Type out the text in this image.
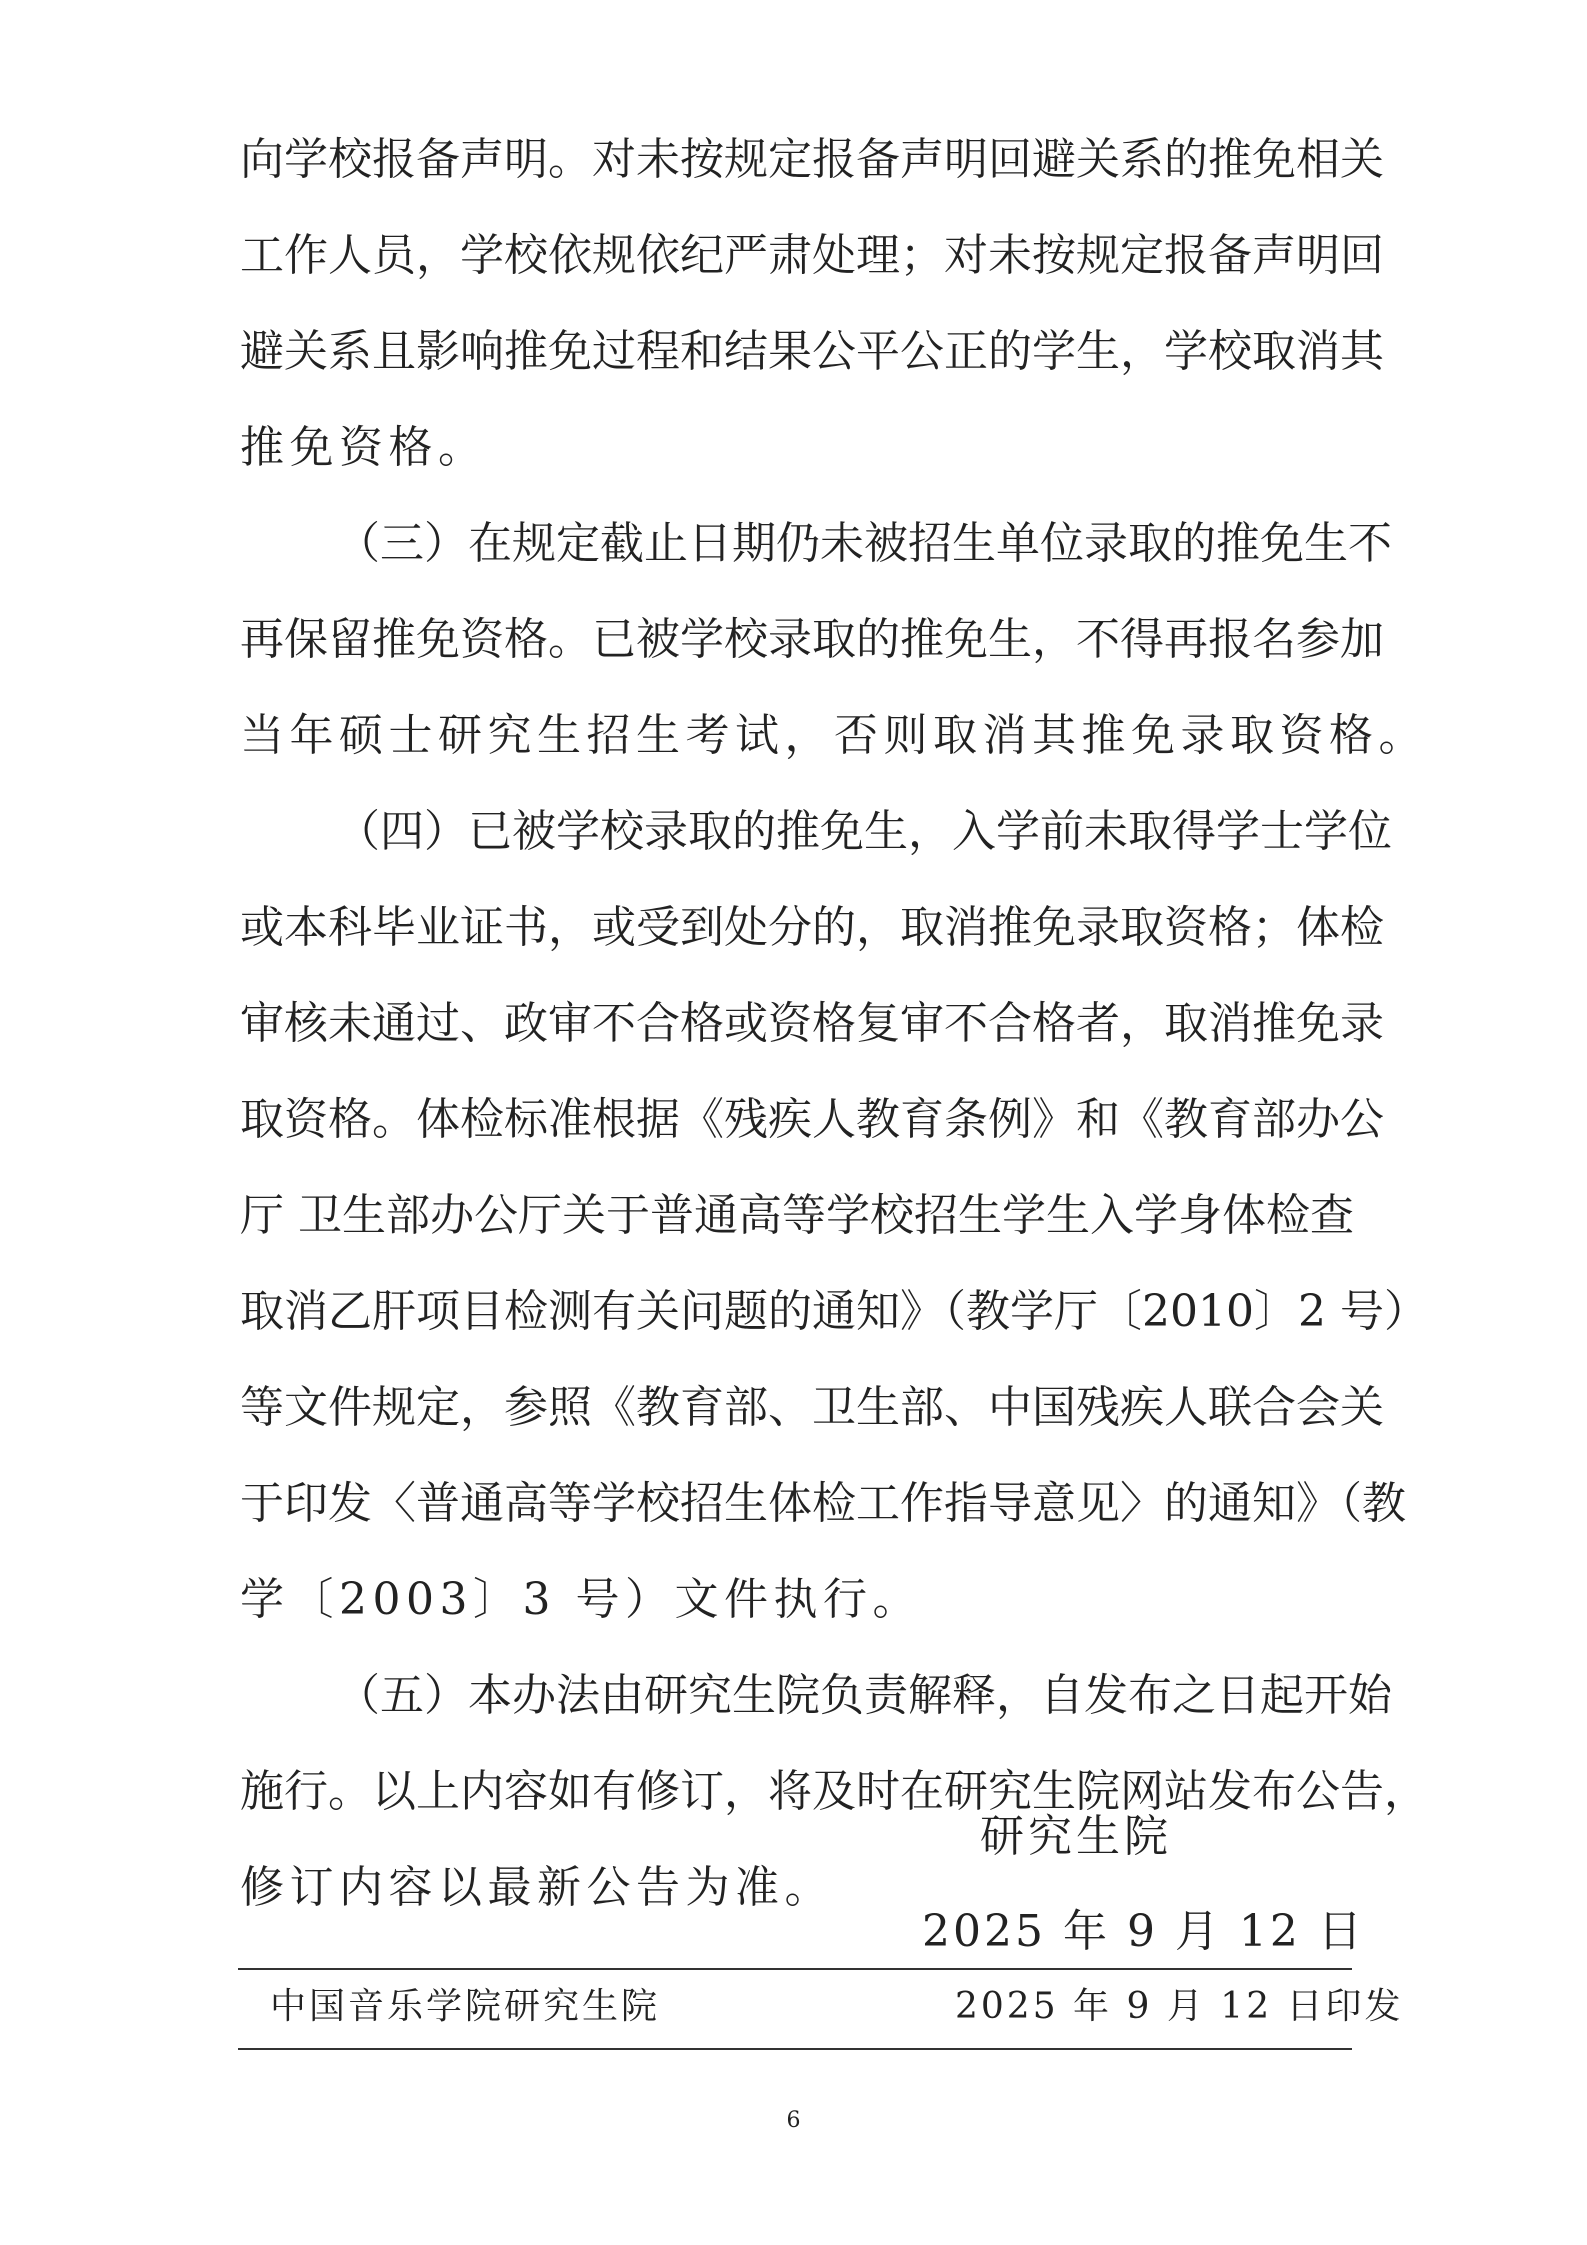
向学校报备声明。对未按规定报备声明回避关系的推免相关
工作人员，学校依规依纪严肃处理；对未按规定报备声明回
避关系且影响推免过程和结果公平公正的学生，学校取消其
推免资格。
（三）在规定截止日期仍未被招生单位录取的推免生不
再保留推免资格。已被学校录取的推免生，不得再报名参加
当年硕士研究生招生考试，否则取消其推免录取资格。
（四）已被学校录取的推免生，入学前未取得学士学位
或本科毕业证书，或受到处分的，取消推免录取资格；体检
审核未通过、政审不合格或资格复审不合格者，取消推免录
取资格。体检标准根据《残疾人教育条例》和《教育部办公
厅 卫生部办公厅关于普通高等学校招生学生入学身体检查
取消乙肝项目检测有关问题的通知》（教学厅〔2010〕2 号）
等文件规定，参照《教育部、卫生部、中国残疾人联合会关
于印发〈普通高等学校招生体检工作指导意见〉的通知》（教
学〔2003〕3 号）文件执行。
（五）本办法由研究生院负责解释，自发布之日起开始
施行。以上内容如有修订，将及时在研究生院网站发布公告，
修订内容以最新公告为准。
研究生院
2025 年 9 月 12 日
中国音乐学院研究生院	2025 年 9 月 12 日印发
6
